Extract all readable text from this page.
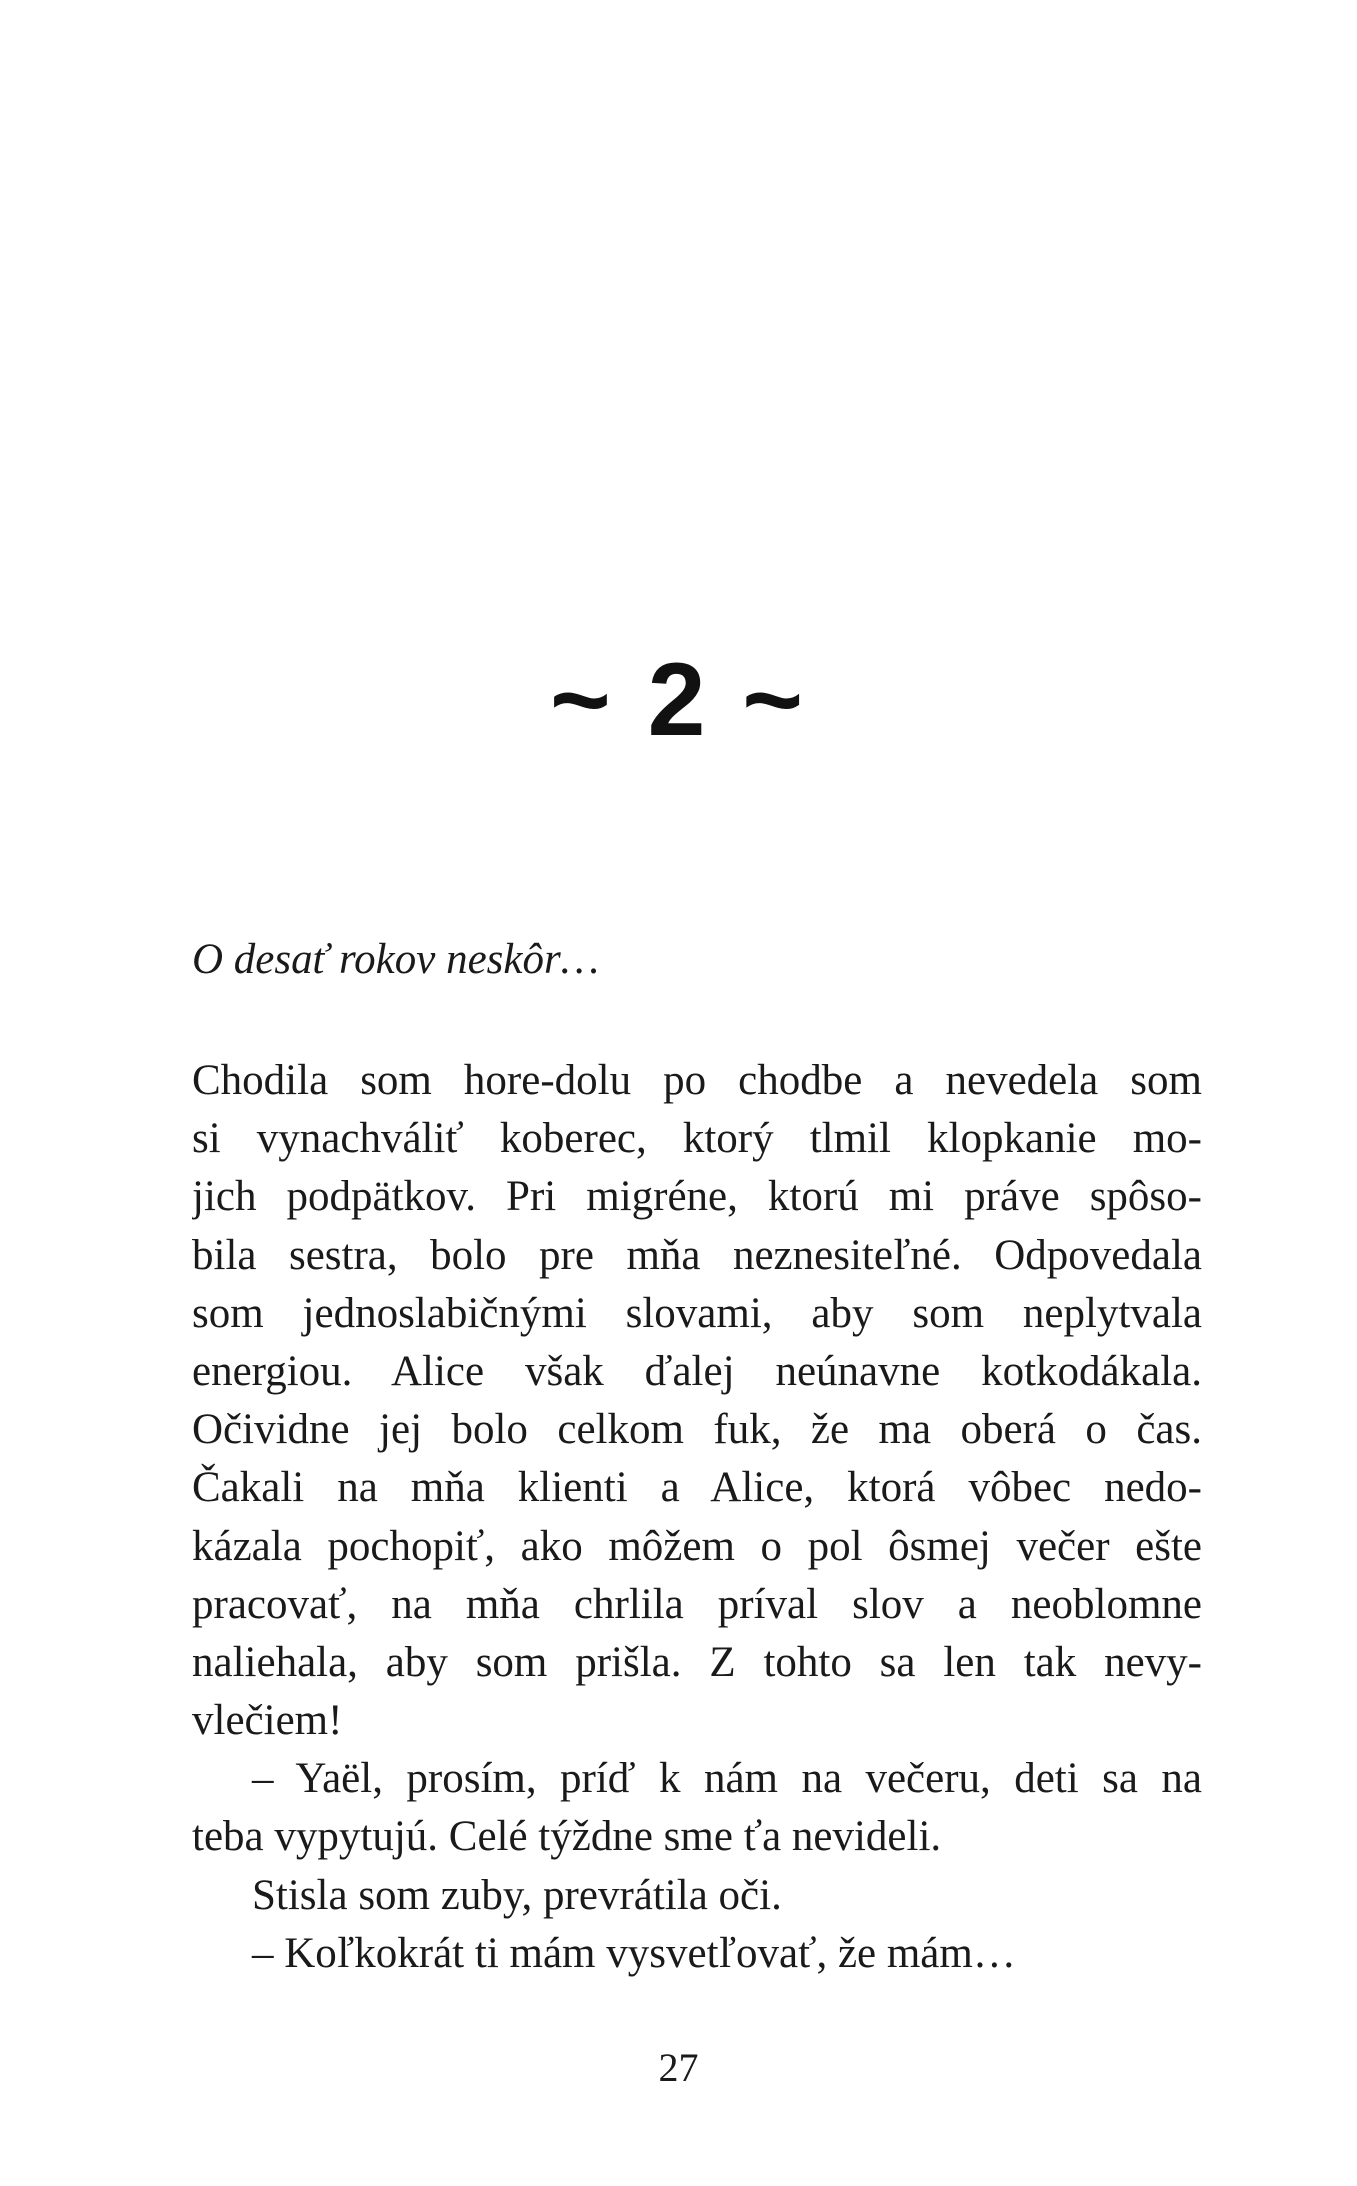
~ 2 ~
O desať rokov neskôr…
Chodila som hore-dolu po chodbe a nevedela som
si vynachváliť koberec, ktorý tlmil klopkanie mo-
jich podpätkov. Pri migréne, ktorú mi práve spôso-
bila sestra, bolo pre mňa neznesiteľné. Odpovedala
som jednoslabičnými slovami, aby som neplytvala
energiou. Alice však ďalej neúnavne kotkodákala.
Očividne jej bolo celkom fuk, že ma oberá o čas.
Čakali na mňa klienti a Alice, ktorá vôbec nedo-
kázala pochopiť, ako môžem o pol ôsmej večer ešte
pracovať, na mňa chrlila príval slov a neoblomne
naliehala, aby som prišla. Z tohto sa len tak nevy-
vlečiem!
– Yaël, prosím, príď k nám na večeru, deti sa na
teba vypytujú. Celé týždne sme ťa nevideli.
Stisla som zuby, prevrátila oči.
– Koľkokrát ti mám vysvetľovať, že mám…
27
